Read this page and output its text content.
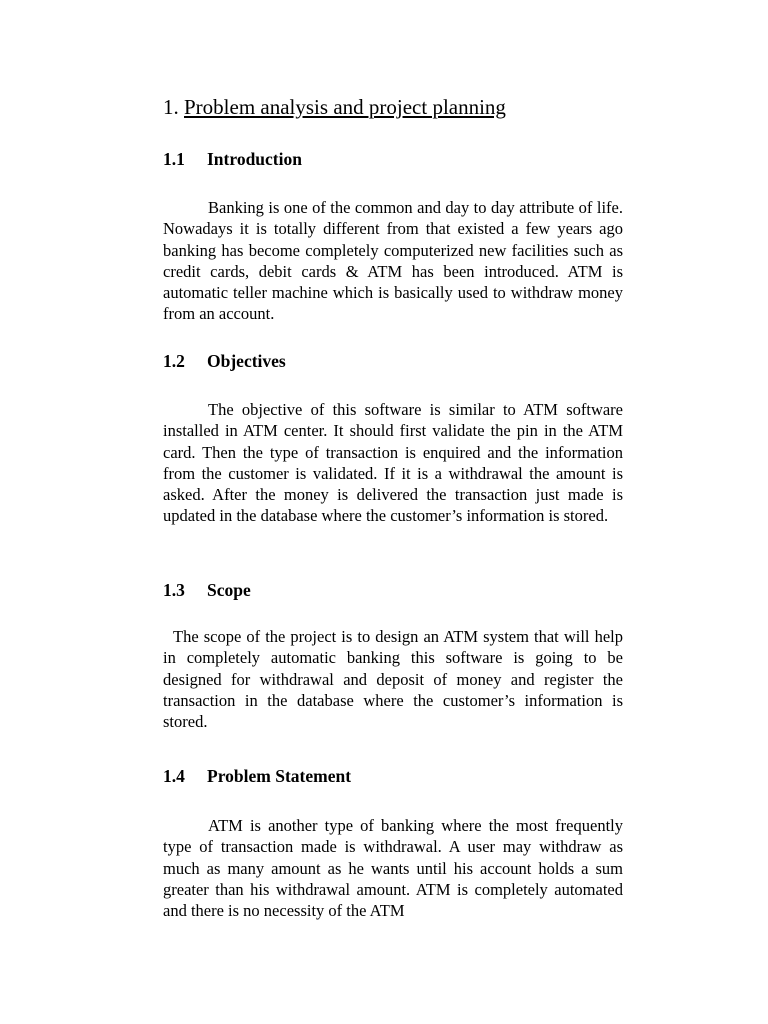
1. Problem analysis and project planning
1.1 Introduction

Banking is one of the common and day to day attribute of life. Nowadays it is totally different from that existed a few years ago banking has become completely computerized new facilities such as credit cards, debit cards & ATM has been introduced. ATM is automatic teller machine which is basically used to withdraw money from an account.

1.2 Objectives

The objective of this software is similar to ATM software installed in ATM center. It should first validate the pin in the ATM card. Then the type of transaction is enquired and the information from the customer is validated. If it is a withdrawal the amount is asked. After the money is delivered the transaction just made is updated in the database where the customer’s information is stored.

1.3 Scope

The scope of the project is to design an ATM system that will help in completely automatic banking this software is going to be designed for withdrawal and deposit of money and register the transaction in the database where the customer’s information is stored.

1.4 Problem Statement

ATM is another type of banking where the most frequently type of transaction made is withdrawal. A user may withdraw as much as many amount as he wants until his account holds a sum greater than his withdrawal amount. ATM is completely automated and there is no necessity of the ATM
